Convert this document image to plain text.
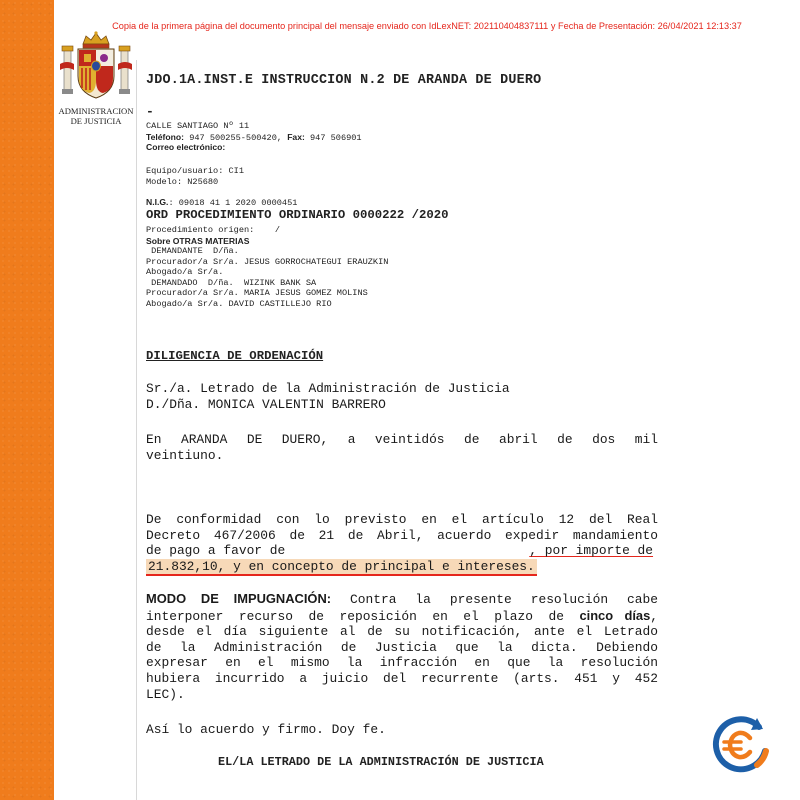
Copia de la primera página del documento principal del mensaje enviado con IdLexNET: 202110404837111 y Fecha de Presentación: 26/04/2021 12:13:37
ADMINISTRACION
DE JUSTICIA
JDO.1A.INST.E INSTRUCCION N.2 DE ARANDA DE DUERO
-
CALLE SANTIAGO Nº 11
Teléfono: 947 500255-500420, Fax: 947 506901
Correo electrónico:
Equipo/usuario: CI1
Modelo: N25680
N.I.G.: 09018 41 1 2020 0000451
ORD PROCEDIMIENTO ORDINARIO 0000222 /2020
Procedimiento origen:    /
Sobre OTRAS MATERIAS
DEMANDANTE  D/ña.
Procurador/a Sr/a. JESUS GORROCHATEGUI ERAUZKIN
Abogado/a Sr/a.
DEMANDADO  D/ña.  WIZINK BANK SA
Procurador/a Sr/a. MARIA JESUS GOMEZ MOLINS
Abogado/a Sr/a. DAVID CASTILLEJO RIO
DILIGENCIA DE ORDENACIÓN
Sr./a. Letrado de la Administración de Justicia
D./Dña. MONICA VALENTIN BARRERO
En ARANDA DE DUERO, a veintidós de abril de dos mil
veintiuno.
De conformidad con lo previsto en el artículo 12 del Real
Decreto 467/2006 de 21 de Abril, acuerdo expedir mandamiento
de pago a favor de	, por importe de
21.832,10, y en concepto de principal e intereses.
MODO DE IMPUGNACIÓN: Contra la presente resolución cabe
interponer recurso de reposición en el plazo de cinco días,
desde el día siguiente al de su notificación, ante el Letrado
de la Administración de Justicia que la dicta. Debiendo
expresar en el mismo la infracción en que la resolución
hubiera incurrido a juicio del recurrente (arts. 451 y 452
LEC).
Así lo acuerdo y firmo. Doy fe.
EL/LA LETRADO DE LA ADMINISTRACIÓN DE JUSTICIA
